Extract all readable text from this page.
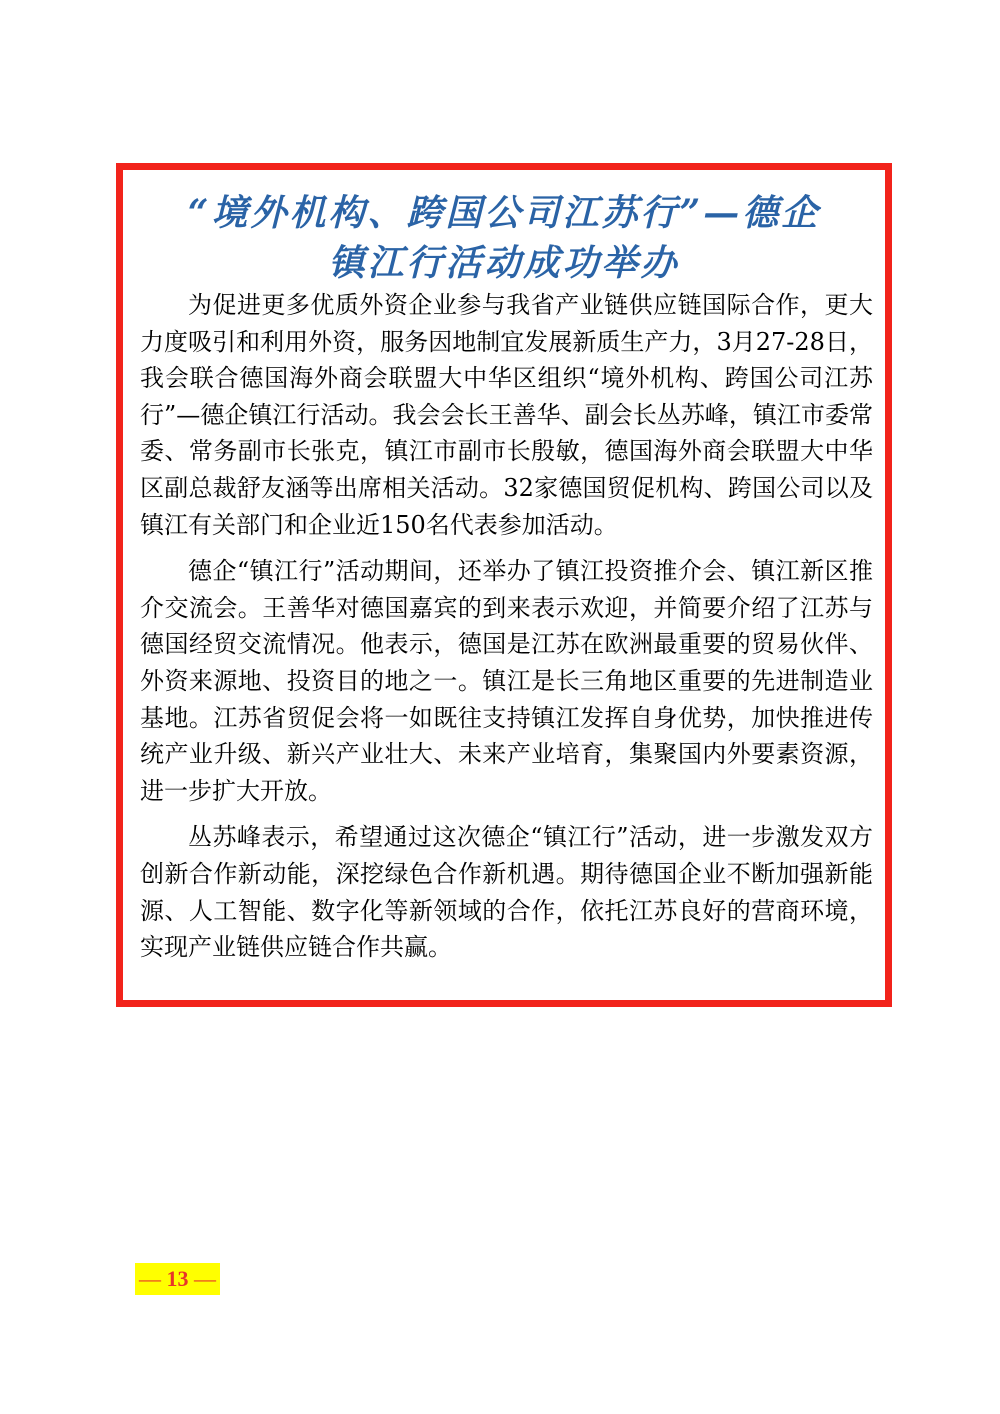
“境外机构、跨国公司江苏行”—德企
镇江行活动成功举办

为促进更多优质外资企业参与我省产业链供应链国际合作，更大力度吸引和利用外资，服务因地制宜发展新质生产力，3月27-28日，我会联合德国海外商会联盟大中华区组织“境外机构、跨国公司江苏行”—德企镇江行活动。我会会长王善华、副会长丛苏峰，镇江市委常委、常务副市长张克，镇江市副市长殷敏，德国海外商会联盟大中华区副总裁舒友涵等出席相关活动。32家德国贸促机构、跨国公司以及镇江有关部门和企业近150名代表参加活动。

德企“镇江行”活动期间，还举办了镇江投资推介会、镇江新区推介交流会。王善华对德国嘉宾的到来表示欢迎，并简要介绍了江苏与德国经贸交流情况。他表示，德国是江苏在欧洲最重要的贸易伙伴、外资来源地、投资目的地之一。镇江是长三角地区重要的先进制造业基地。江苏省贸促会将一如既往支持镇江发挥自身优势，加快推进传统产业升级、新兴产业壮大、未来产业培育，集聚国内外要素资源，进一步扩大开放。

丛苏峰表示，希望通过这次德企“镇江行”活动，进一步激发双方创新合作新动能，深挖绿色合作新机遇。期待德国企业不断加强新能源、人工智能、数字化等新领域的合作，依托江苏良好的营商环境，实现产业链供应链合作共赢。

— 13 —
